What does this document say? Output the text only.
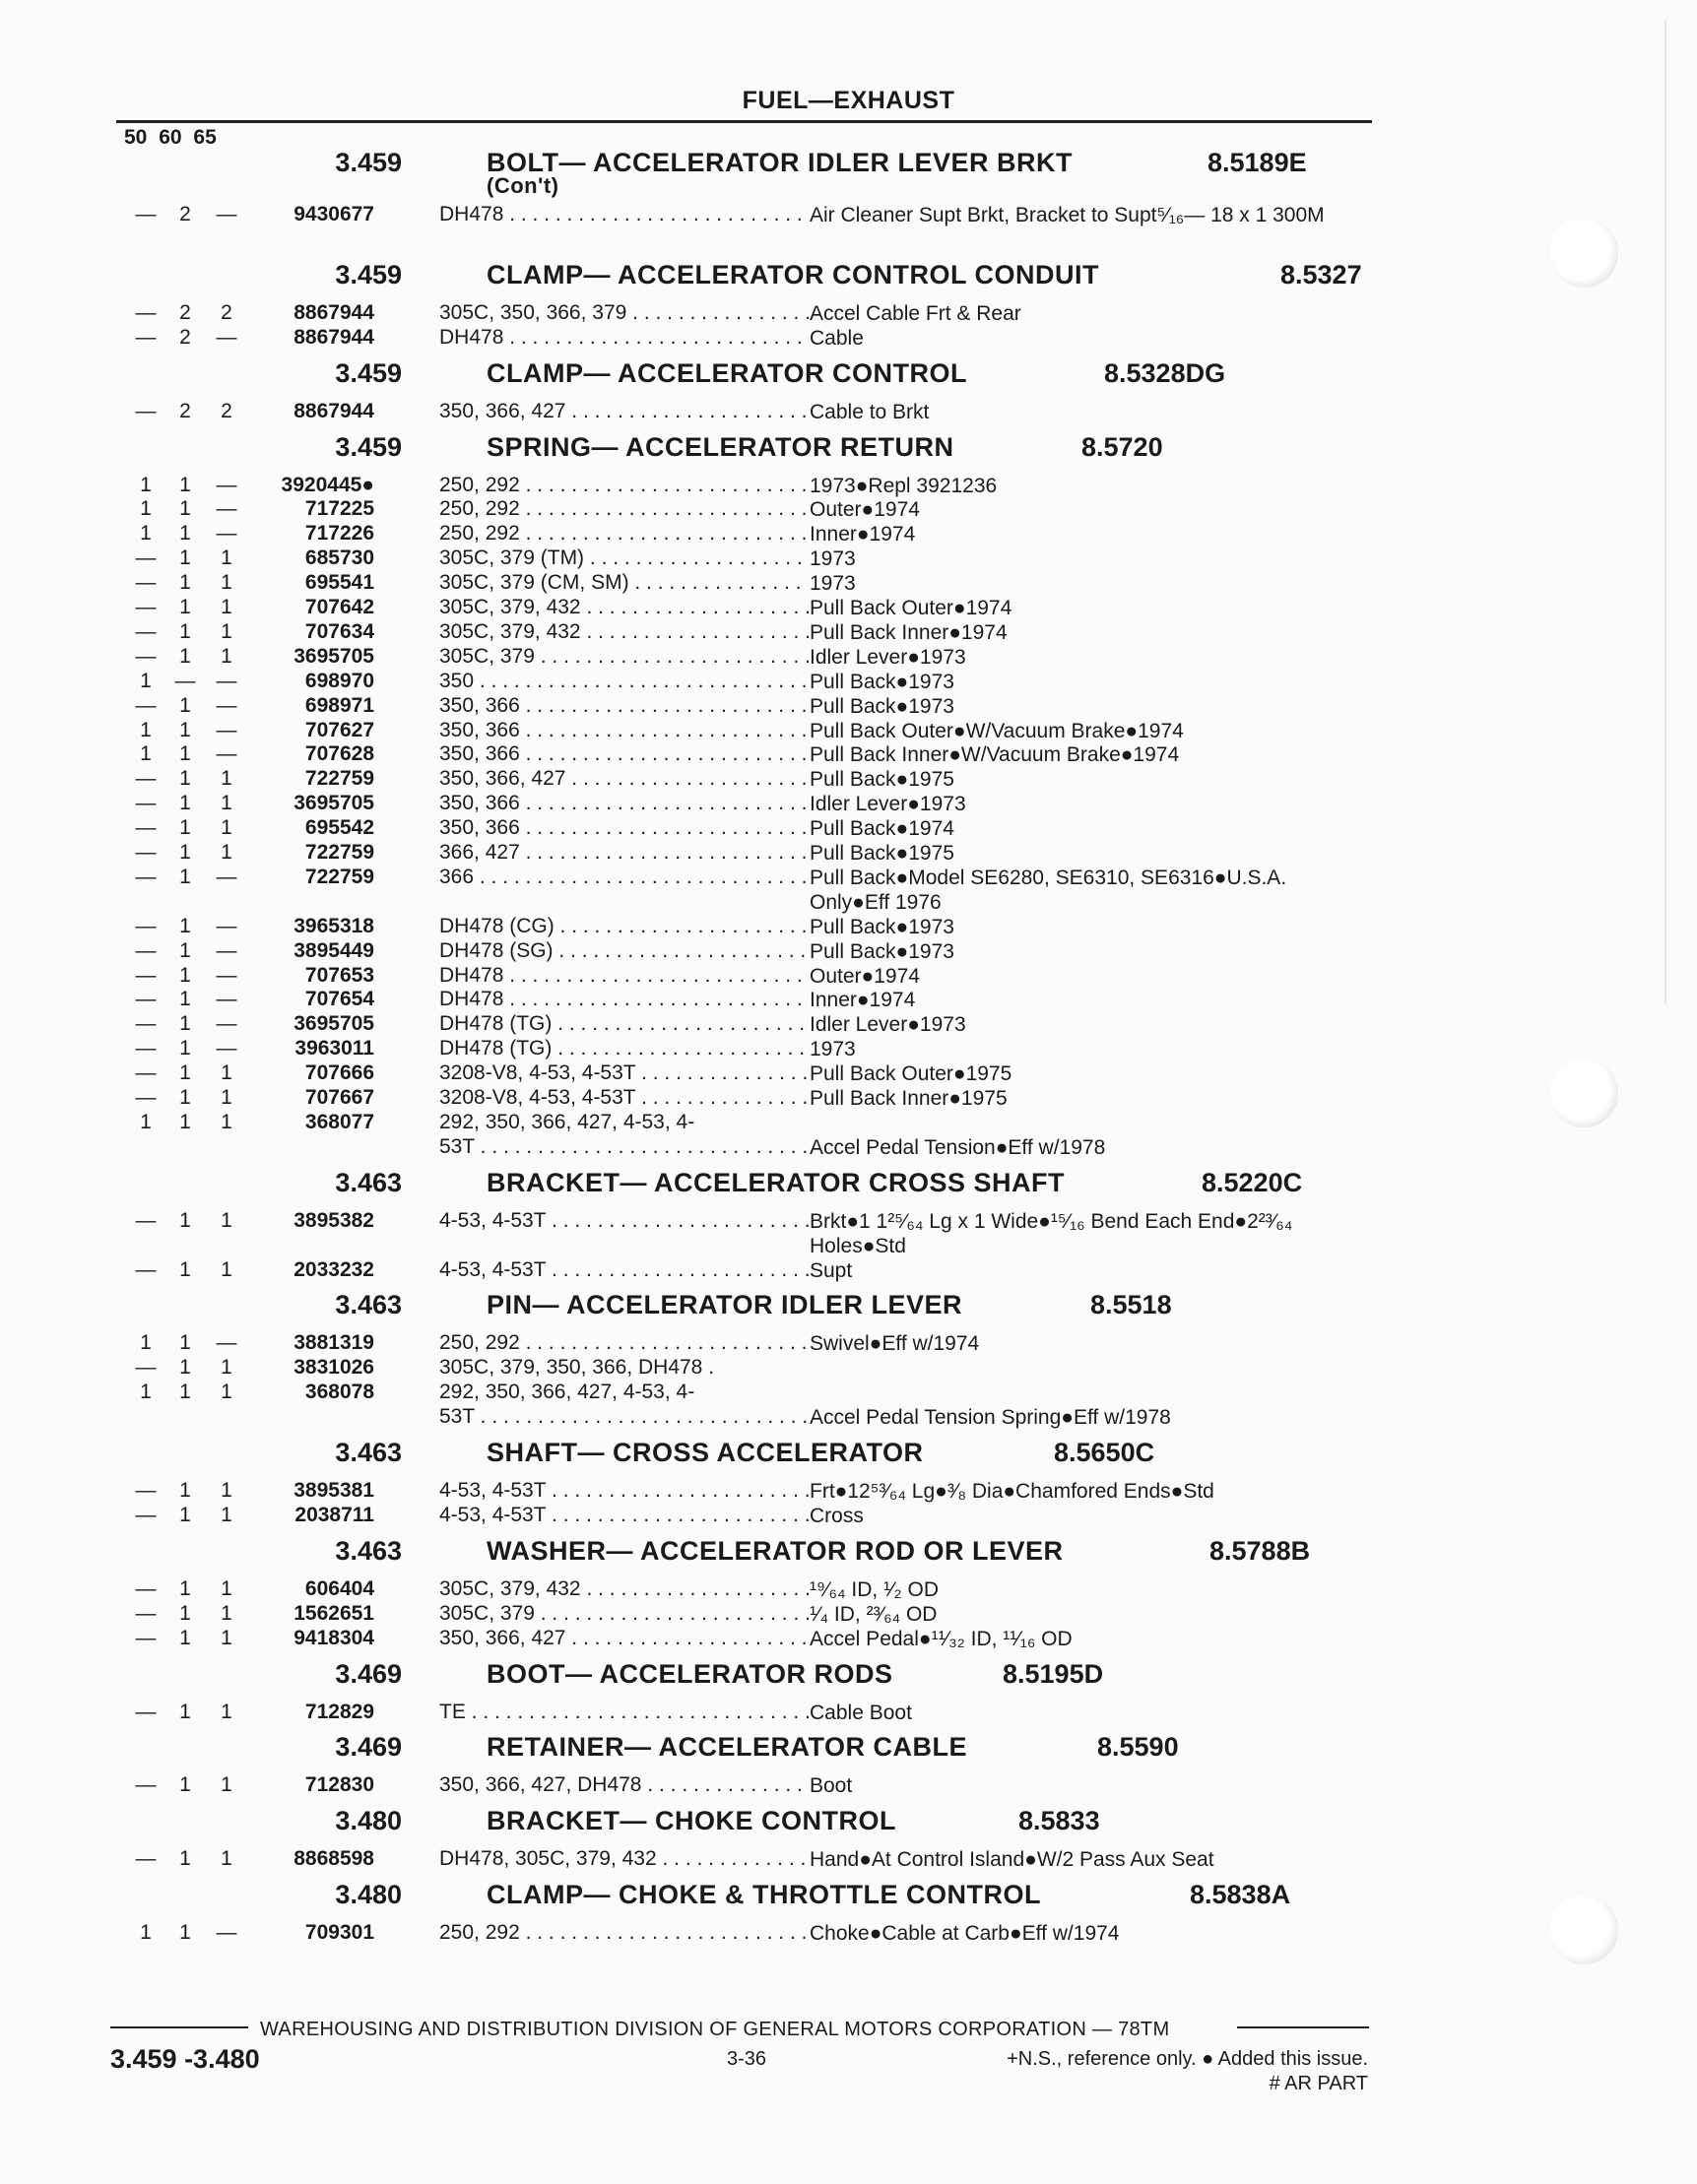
FUEL—EXHAUST
50 60 65
3.459	BOLT— ACCELERATOR IDLER LEVER BRKT	8.5189E
(Con't)
— 2 —	9430677	DH478 . . .	Air Cleaner Supt Brkt, Bracket to Supt⁵⁄₁₆— 18 x 1 300M
3.459	CLAMP— ACCELERATOR CONTROL CONDUIT	8.5327
— 2 2	8867944	305C, 350, 366, 379 . . .	Accel Cable Frt & Rear
— 2 —	8867944	DH478 . . .	Cable
3.459	CLAMP— ACCELERATOR CONTROL	8.5328DG
— 2 2	8867944	350, 366, 427 . . .	Cable to Brkt
3.459	SPRING— ACCELERATOR RETURN	8.5720
1 1 —	3920445●	250, 292 . . .	1973●Repl 3921236
1 1 —	717225	250, 292 . . .	Outer●1974
1 1 —	717226	250, 292 . . .	Inner●1974
— 1 1	685730	305C, 379 (TM) . . .	1973
— 1 1	695541	305C, 379 (CM, SM) . . .	1973
— 1 1	707642	305C, 379, 432 . . .	Pull Back Outer●1974
— 1 1	707634	305C, 379, 432 . . .	Pull Back Inner●1974
— 1 1	3695705	305C, 379 . . .	Idler Lever●1973
1 — —	698970	350 . . .	Pull Back●1973
— 1 —	698971	350, 366 . . .	Pull Back●1973
1 1 —	707627	350, 366 . . .	Pull Back Outer●W/Vacuum Brake●1974
1 1 —	707628	350, 366 . . .	Pull Back Inner●W/Vacuum Brake●1974
— 1 1	722759	350, 366, 427 . . .	Pull Back●1975
— 1 1	3695705	350, 366 . . .	Idler Lever●1973
— 1 1	695542	350, 366 . . .	Pull Back●1974
— 1 1	722759	366, 427 . . .	Pull Back●1975
— 1 —	722759	366 . . .	Pull Back●Model SE6280, SE6310, SE6316●U.S.A. Only●Eff 1976
— 1 —	3965318	DH478 (CG) . . .	Pull Back●1973
— 1 —	3895449	DH478 (SG) . . .	Pull Back●1973
— 1 —	707653	DH478 . . .	Outer●1974
— 1 —	707654	DH478 . . .	Inner●1974
— 1 —	3695705	DH478 (TG) . . .	Idler Lever●1973
— 1 —	3963011	DH478 (TG) . . .	1973
— 1 1	707666	3208-V8, 4-53, 4-53T . . .	Pull Back Outer●1975
— 1 1	707667	3208-V8, 4-53, 4-53T . . .	Pull Back Inner●1975
1 1 1	368077	292, 350, 366, 427, 4-53, 4-
53T . . .	Accel Pedal Tension●Eff w/1978
3.463	BRACKET— ACCELERATOR CROSS SHAFT	8.5220C
— 1 1	3895382	4-53, 4-53T . . .	Brkt●1 1²⁵⁄₆₄ Lg x 1 Wide●¹⁵⁄₁₆ Bend Each End●2²³⁄₆₄ Holes●Std
— 1 1	2033232	4-53, 4-53T . . .	Supt
3.463	PIN— ACCELERATOR IDLER LEVER	8.5518
1 1 —	3881319	250, 292 . . .	Swivel●Eff w/1974
— 1 1	3831026	305C, 379, 350, 366, DH478 .
1 1 1	368078	292, 350, 366, 427, 4-53, 4-
53T . . .	Accel Pedal Tension Spring●Eff w/1978
3.463	SHAFT— CROSS ACCELERATOR	8.5650C
— 1 1	3895381	4-53, 4-53T . . .	Frt●12⁵³⁄₆₄ Lg●³⁄₈ Dia●Chamfored Ends●Std
— 1 1	2038711	4-53, 4-53T . . .	Cross
3.463	WASHER— ACCELERATOR ROD OR LEVER	8.5788B
— 1 1	606404	305C, 379, 432 . . .	¹⁹⁄₆₄ ID, ¹⁄₂ OD
— 1 1	1562651	305C, 379 . . .	¹⁄₄ ID, ²³⁄₆₄ OD
— 1 1	9418304	350, 366, 427 . . .	Accel Pedal●¹¹⁄₃₂ ID, ¹¹⁄₁₆ OD
3.469	BOOT— ACCELERATOR RODS	8.5195D
— 1 1	712829	TE . . .	Cable Boot
3.469	RETAINER— ACCELERATOR CABLE	8.5590
— 1 1	712830	350, 366, 427, DH478 . . .	Boot
3.480	BRACKET— CHOKE CONTROL	8.5833
— 1 1	8868598	DH478, 305C, 379, 432 . . .	Hand●At Control Island●W/2 Pass Aux Seat
3.480	CLAMP— CHOKE & THROTTLE CONTROL	8.5838A
1 1 —	709301	250, 292 . . .	Choke●Cable at Carb●Eff w/1974
WAREHOUSING AND DISTRIBUTION DIVISION OF GENERAL MOTORS CORPORATION — 78TM
3.459 -3.480	3-36	+N.S., reference only. ● Added this issue.
# AR PART
